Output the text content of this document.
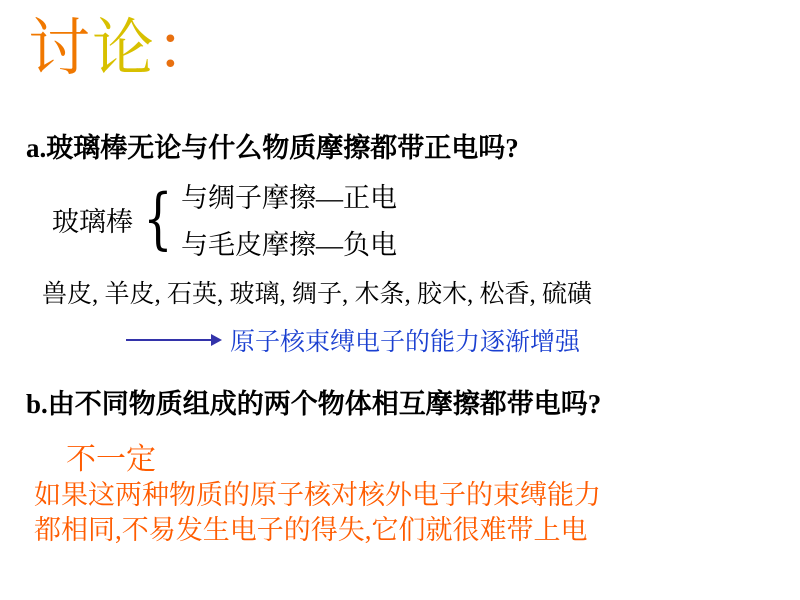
讨论：
a.玻璃棒无论与什么物质摩擦都带正电吗?
玻璃棒 { 与绸子摩擦—正电
与毛皮摩擦—负电
兽皮, 羊皮, 石英, 玻璃, 绸子, 木条, 胶木, 松香, 硫磺
原子核束缚电子的能力逐渐增强
b.由不同物质组成的两个物体相互摩擦都带电吗?
不一定
如果这两种物质的原子核对核外电子的束缚能力
都相同,不易发生电子的得失,它们就很难带上电
